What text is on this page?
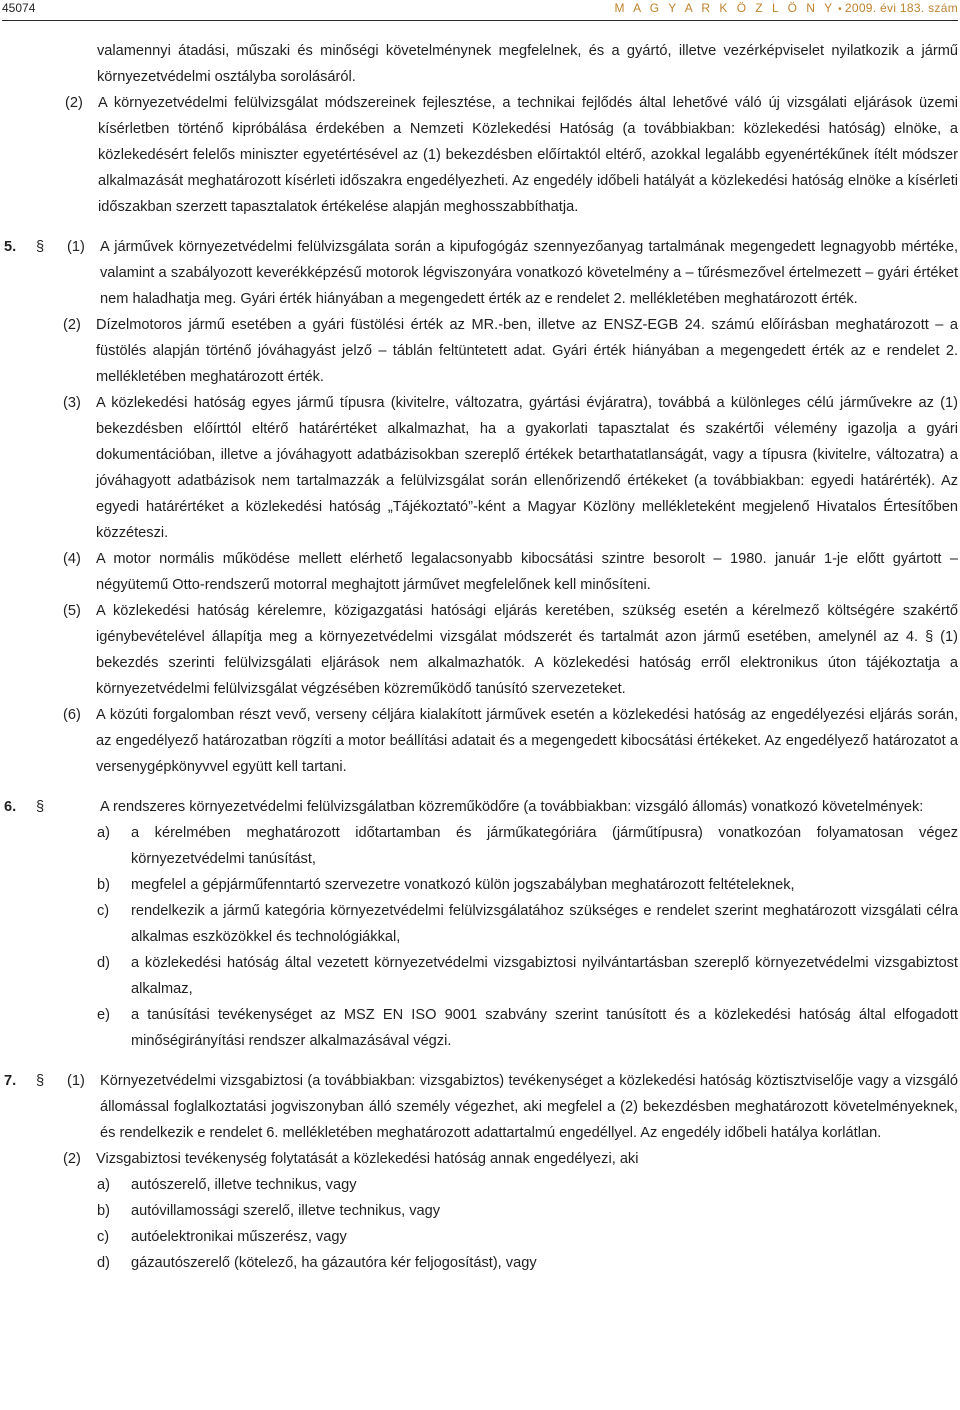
45074	M A G Y A R K Ö Z L Ö N Y • 2009. évi 183. szám
valamennyi átadási, műszaki és minőségi követelménynek megfelelnek, és a gyártó, illetve vezérképviselet nyilatkozik a jármű környezetvédelmi osztályba sorolásáról.
(2)	A környezetvédelmi felülvizsgálat módszereinek fejlesztése, a technikai fejlődés által lehetővé váló új vizsgálati eljárások üzemi kísérletben történő kipróbálása érdekében a Nemzeti Közlekedési Hatóság (a továbbiakban: közlekedési hatóság) elnöke, a közlekedésért felelős miniszter egyetértésével az (1) bekezdésben előírtaktól eltérő, azokkal legalább egyenértékűnek ítélt módszer alkalmazását meghatározott kísérleti időszakra engedélyezheti. Az engedély időbeli hatályát a közlekedési hatóság elnöke a kísérleti időszakban szerzett tapasztalatok értékelése alapján meghosszabbíthatja.
5.	§	(1)	A járművek környezetvédelmi felülvizsgálata során a kipufogógáz szennyezőanyag tartalmának megengedett legnagyobb mértéke, valamint a szabályozott keverékképzésű motorok légviszonyára vonatkozó követelmény a – tűrésmezővel értelmezett – gyári értéket nem haladhatja meg. Gyári érték hiányában a megengedett érték az e rendelet 2. mellékletében meghatározott érték.
(2)	Dízelmotoros jármű esetében a gyári füstölési érték az MR.-ben, illetve az ENSZ-EGB 24. számú előírásban meghatározott – a füstölés alapján történő jóváhagyást jelző – táblán feltüntetett adat. Gyári érték hiányában a megengedett érték az e rendelet 2. mellékletében meghatározott érték.
(3)	A közlekedési hatóság egyes jármű típusra (kivitelre, változatra, gyártási évjáratra), továbbá a különleges célú járművekre az (1) bekezdésben előírttól eltérő határértéket alkalmazhat, ha a gyakorlati tapasztalat és szakértői vélemény igazolja a gyári dokumentációban, illetve a jóváhagyott adatbázisokban szereplő értékek betarthatatlanságát, vagy a típusra (kivitelre, változatra) a jóváhagyott adatbázisok nem tartalmazzák a felülvizsgálat során ellenőrizendő értékeket (a továbbiakban: egyedi határérték). Az egyedi határértéket a közlekedési hatóság „Tájékoztató”-ként a Magyar Közlöny mellékleteként megjelenő Hivatalos Értesítőben közzéteszi.
(4)	A motor normális működése mellett elérhető legalacsonyabb kibocsátási szintre besorolt – 1980. január 1-je előtt gyártott – négyütemű Otto-rendszerű motorral meghajtott járművet megfelelőnek kell minősíteni.
(5)	A közlekedési hatóság kérelemre, közigazgatási hatósági eljárás keretében, szükség esetén a kérelmező költségére szakértő igénybevételével állapítja meg a környezetvédelmi vizsgálat módszerét és tartalmát azon jármű esetében, amelynél az 4. § (1) bekezdés szerinti felülvizsgálati eljárások nem alkalmazhatók. A közlekedési hatóság erről elektronikus úton tájékoztatja a környezetvédelmi felülvizsgálat végzésében közreműködő tanúsító szervezeteket.
(6)	A közúti forgalomban részt vevő, verseny céljára kialakított járművek esetén a közlekedési hatóság az engedélyezési eljárás során, az engedélyező határozatban rögzíti a motor beállítási adatait és a megengedett kibocsátási értékeket. Az engedélyező határozatot a versenygépkönyvvel együtt kell tartani.
6.	§	A rendszeres környezetvédelmi felülvizsgálatban közreműködőre (a továbbiakban: vizsgáló állomás) vonatkozó követelmények:
a)	a kérelmében meghatározott időtartamban és járműkategóriára (járműtípusra) vonatkozóan folyamatosan végez környezetvédelmi tanúsítást,
b)	megfelel a gépjárműfenntartó szervezetre vonatkozó külön jogszabályban meghatározott feltételeknek,
c)	rendelkezik a jármű kategória környezetvédelmi felülvizsgálatához szükséges e rendelet szerint meghatározott vizsgálati célra alkalmas eszközökkel és technológiákkal,
d)	a közlekedési hatóság által vezetett környezetvédelmi vizsgabiztosi nyilvántartásban szereplő környezetvédelmi vizsgabiztost alkalmaz,
e)	a tanúsítási tevékenységet az MSZ EN ISO 9001 szabvány szerint tanúsított és a közlekedési hatóság által elfogadott minőségirányítási rendszer alkalmazásával végzi.
7.	§	(1)	Környezetvédelmi vizsgabiztosi (a továbbiakban: vizsgabiztos) tevékenységet a közlekedési hatóság köztisztviselője vagy a vizsgáló állomással foglalkoztatási jogviszonyban álló személy végezhet, aki megfelel a (2) bekezdésben meghatározott követelményeknek, és rendelkezik e rendelet 6. mellékletében meghatározott adattartalmú engedéllyel. Az engedély időbeli hatálya korlátlan.
(2)	Vizsgabiztosi tevékenység folytatását a közlekedési hatóság annak engedélyezi, aki
a)	autószerelő, illetve technikus, vagy
b)	autóvillamossági szerelő, illetve technikus, vagy
c)	autóelektronikai műszerész, vagy
d)	gázautószerelő (kötelező, ha gázautóra kér feljogosítást), vagy
